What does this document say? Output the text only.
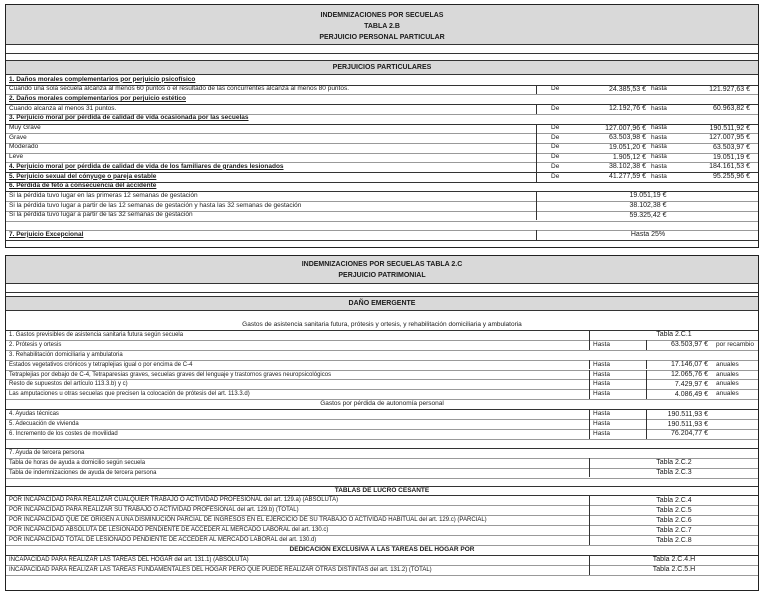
INDEMNIZACIONES POR SECUELAS
TABLA 2.B
PERJUICIO PERSONAL PARTICULAR
PERJUICIOS PARTICULARES
1. Daños morales complementarios por perjuicio psicofísico
Cuando una sola secuela alcanza al menos 60 puntos o el resultado de las concurrentes alcanza al menos 80 puntos.	De	24.385,53 € hasta	121.927,63 €
2. Daños morales complementarios por perjuicio estético
Cuando alcanza al menos 31 puntos.	De	12.192,76 € hasta	60.963,82 €
3. Perjuicio moral por pérdida de calidad de vida ocasionada por las secuelas
Muy Grave	De	127.007,96 € hasta	190.511,92 €
Grave	De	63.503,98 € hasta	127.007,95 €
Moderado	De	19.051,20 € hasta	63.503,97 €
Leve	De	1.905,12 € hasta	19.051,19 €
4. Perjuicio moral por pérdida de calidad de vida de los familiares de grandes lesionados	De	38.102,38 € hasta	184.161,53 €
5. Perjuicio sexual del cónyuge o pareja estable	De	41.277,59 € hasta	95.255,96 €
6. Pérdida de feto a consecuencia del accidente
Si la pérdida tuvo lugar en las primeras 12 semanas de gestación	19.051,19 €
Si la pérdida tuvo lugar a partir de las 12 semanas de gestación y hasta las 32 semanas de gestación	38.102,38 €
Si la pérdida tuvo lugar a partir de las 32 semanas de gestación	59.325,42 €
7. Perjuicio Excepcional	Hasta 25%
INDEMNIZACIONES POR SECUELAS TABLA 2.C
PERJUICIO PATRIMONIAL
DAÑO EMERGENTE
Gastos de asistencia sanitaria futura, prótesis y ortesis, y rehabilitación domiciliaria y ambulatoria
1. Gastos previsibles de asistencia sanitaria futura según secuela	Tabla 2.C.1
2. Prótesis y ortesis	Hasta	63.503,97 € por recambio
3. Rehabilitación domiciliaria y ambulatoria
Estados vegetativos crónicos y tetraplejias igual o por encima de C-4	Hasta	17.146,07 € anuales
Tetraplejias por debajo de C-4, Tetraparesias graves, secuelas graves del lenguaje y trastornos graves neuropsicológicos	Hasta	12.065,76 € anuales
Resto de supuestos del artículo 113.3.b) y c)	Hasta	7.429,97 € anuales
Las amputaciones u otras secuelas que precisen la colocación de prótesis del art. 113.3.d)	Hasta	4.086,49 € anuales
Gastos por pérdida de autonomía personal
4. Ayudas técnicas	Hasta	190.511,93 €
5. Adecuación de vivienda	Hasta	190.511,93 €
6. Incremento de los costes de movilidad	Hasta	76.204,77 €
7. Ayuda de tercera persona
Tabla de horas de ayuda a domicilio según secuela	Tabla 2.C.2
Tabla de indemnizaciones de ayuda de tercera persona	Tabla 2.C.3
TABLAS DE LUCRO CESANTE
POR INCAPACIDAD PARA REALIZAR CUALQUIER TRABAJO O ACTIVIDAD PROFESIONAL del art. 129.a) (ABSOLUTA)	Tabla 2.C.4
POR INCAPACIDAD PARA REALIZAR SU TRABAJO O ACTIVIDAD PROFESIONAL del art. 129.b) (TOTAL)	Tabla 2.C.5
POR INCAPACIDAD QUE DE ORIGEN A UNA DISMINUCIÓN PARCIAL DE INGRESOS EN EL EJERCICIO DE SU TRABAJO O ACTIVIDAD HABITUAL del art. 129.c) (PARCIAL)	Tabla 2.C.6
POR INCAPACIDAD ABSOLUTA DE LESIONADO PENDIENTE DE ACCEDER AL MERCADO LABORAL del art. 130.c)	Tabla 2.C.7
POR INCAPACIDAD TOTAL DE LESIONADO PENDIENTE DE ACCEDER AL MERCADO LABORAL del art. 130.d)	Tabla 2.C.8
DEDICACIÓN EXCLUSIVA A LAS TAREAS DEL HOGAR POR
INCAPACIDAD PARA REALIZAR LAS TAREAS DEL HOGAR del art. 131.1) (ABSOLUTA)	Tabla 2.C.4.H
INCAPACIDAD PARA REALIZAR LAS TAREAS FUNDAMENTALES DEL HOGAR PERO QUE PUEDE REALIZAR OTRAS DISTINTAS del art. 131.2) (TOTAL)	Tabla 2.C.5.H
